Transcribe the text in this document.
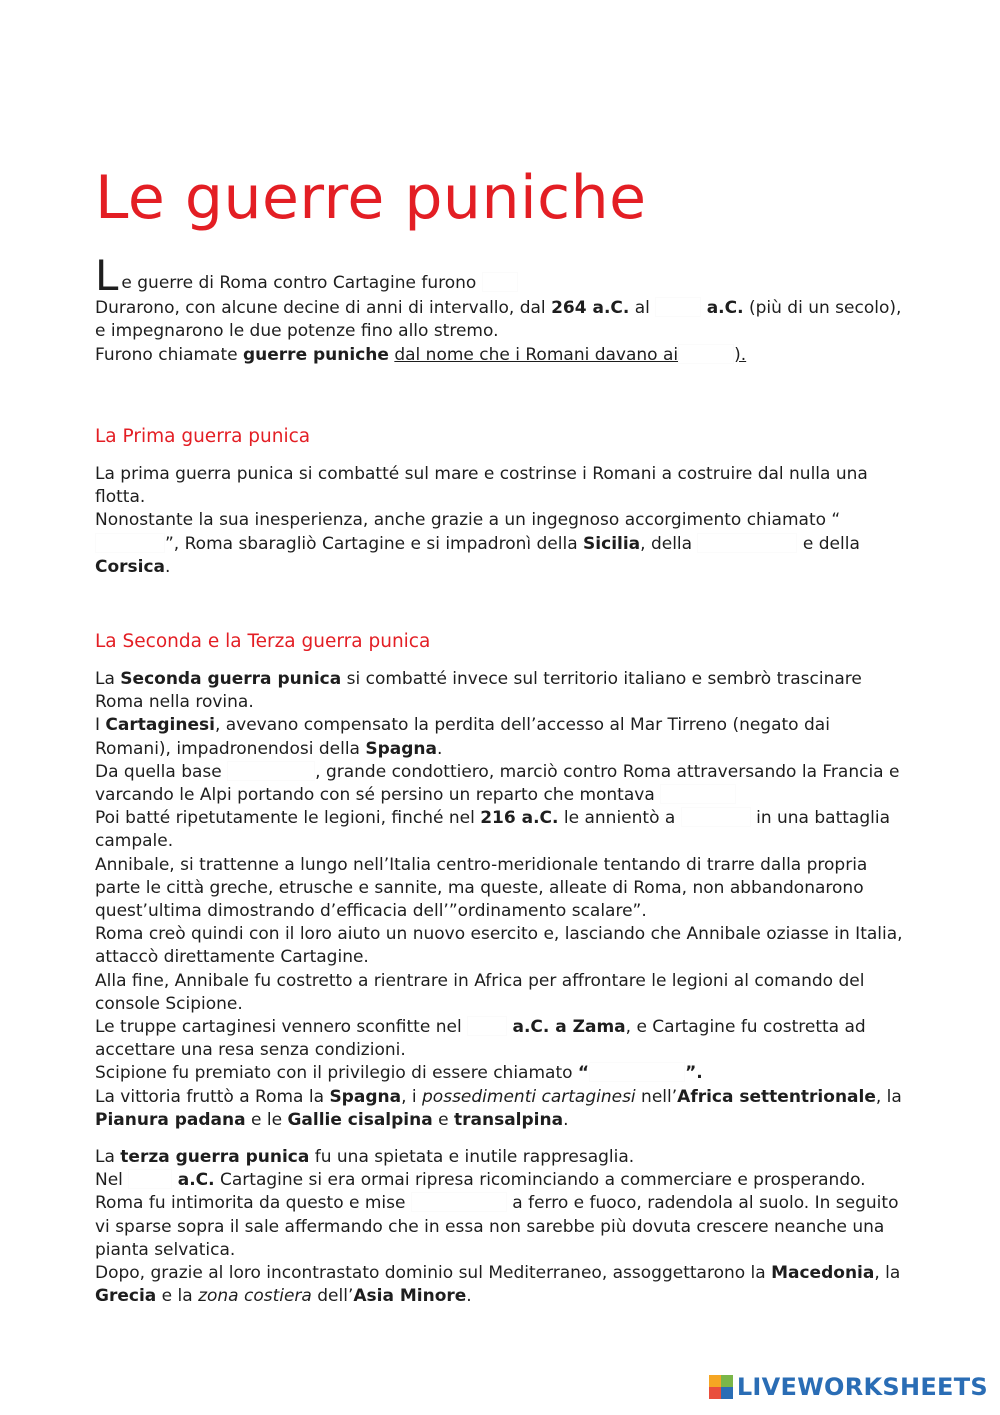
Le guerre puniche

Le guerre di Roma contro Cartagine furono

Durarono, con alcune decine di anni di intervallo, dal 264 a.C. al	a.C. (più di un secolo), e impegnarono le due potenze fino allo stremo.
Furono chiamate guerre puniche dal nome che i Romani davano ai	).

La Prima guerra punica

La prima guerra punica si combatté sul mare e costrinse i Romani a costruire dal nulla una flotta.
Nonostante la sua inesperienza, anche grazie a un ingegnoso accorgimento chiamato “”, Roma sbaragliò Cartagine e si impadronì della Sicilia, della	e della Corsica.

La Seconda e la Terza guerra punica

La Seconda guerra punica si combatté invece sul territorio italiano e sembrò trascinare Roma nella rovina.
I Cartaginesi, avevano compensato la perdita dell’accesso al Mar Tirreno (negato dai Romani), impadronendosi della Spagna.
Da quella base	, grande condottiero, marciò contro Roma attraversando la Francia e varcando le Alpi portando con sé persino un reparto che montava
Poi batté ripetutamente le legioni, finché nel 216 a.C. le annientò a	in una battaglia campale.
Annibale, si trattenne a lungo nell’Italia centro-meridionale tentando di trarre dalla propria parte le città greche, etrusche e sannite, ma queste, alleate di Roma, non abbandonarono quest’ultima dimostrando d’efficacia dell’”ordinamento scalare”.
Roma creò quindi con il loro aiuto un nuovo esercito e, lasciando che Annibale oziasse in Italia, attaccò direttamente Cartagine.
Alla fine, Annibale fu costretto a rientrare in Africa per affrontare le legioni al comando del console Scipione.
Le truppe cartaginesi vennero sconfitte nel	a.C. a Zama, e Cartagine fu costretta ad accettare una resa senza condizioni.
Scipione fu premiato con il privilegio di essere chiamato “	”.
La vittoria fruttò a Roma la Spagna, i possedimenti cartaginesi nell’Africa settentrionale, la Pianura padana e le Gallie cisalpina e transalpina.

La terza guerra punica fu una spietata e inutile rappresaglia.
Nel	a.C. Cartagine si era ormai ripresa ricominciando a commerciare e prosperando. Roma fu intimorita da questo e mise	a ferro e fuoco, radendola al suolo. In seguito vi sparse sopra il sale affermando che in essa non sarebbe più dovuta crescere neanche una pianta selvatica.
Dopo, grazie al loro incontrastato dominio sul Mediterraneo, assoggettarono la Macedonia, la Grecia e la zona costiera dell’Asia Minore.

LIVEWORKSHEETS
